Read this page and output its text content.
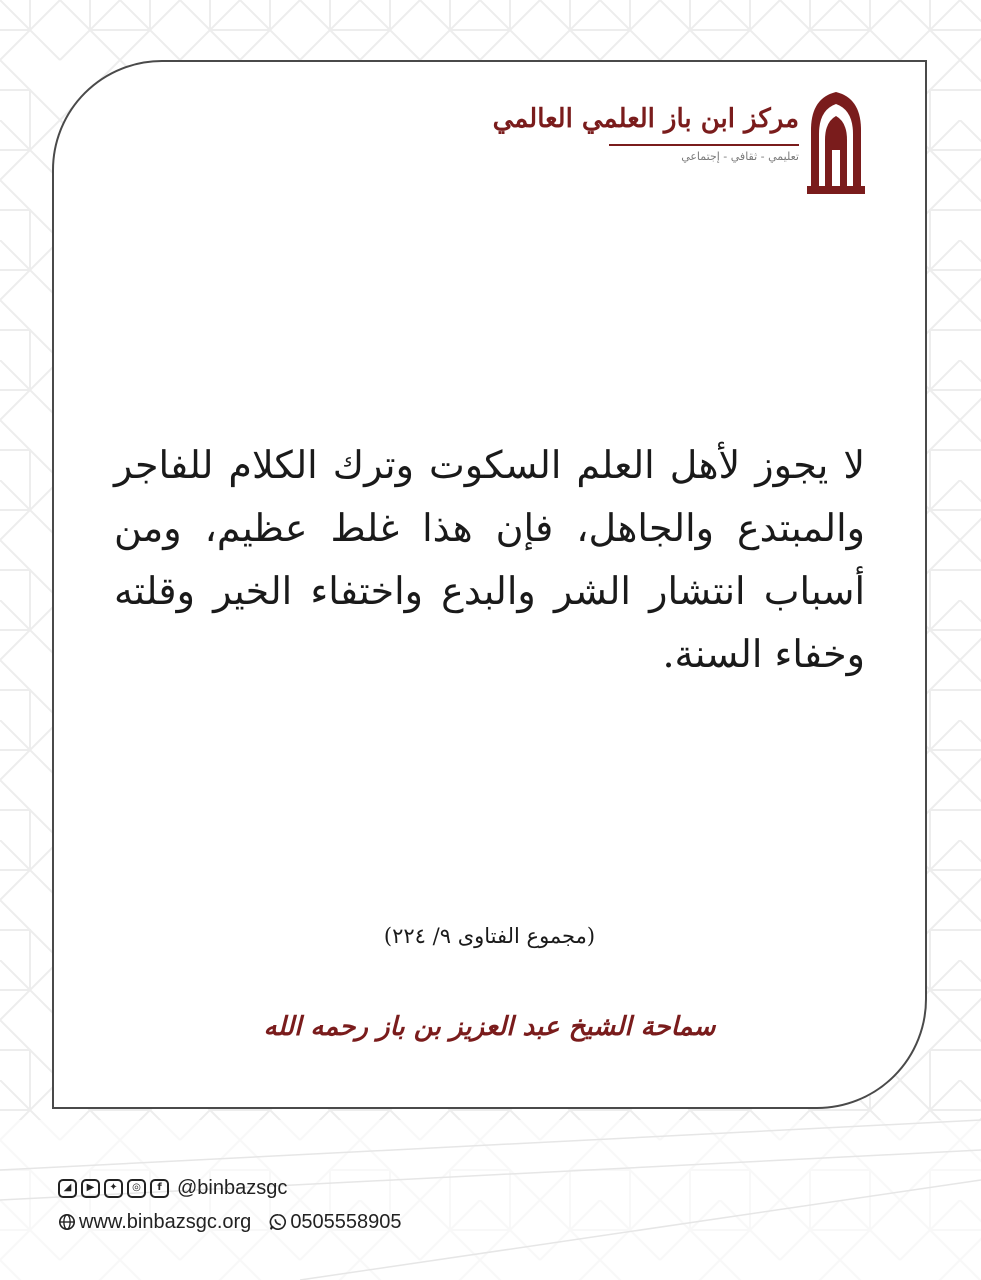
مركز ابن باز العلمي العالمي
تعليمي - ثقافي - إجتماعي

لا يجوز لأهل العلم السكوت وترك الكلام للفاجر والمبتدع والجاهل، فإن هذا غلط عظيم، ومن أسباب انتشار الشر والبدع واختفاء الخير وقلته وخفاء السنة.

(مجموع الفتاوى ٩/ ٢٢٤)
سماحة الشيخ عبد العزيز بن باز رحمه الله
◢	▶	✦	◎	f @binbazsgc
www.binbazsgc.org 0505558905
